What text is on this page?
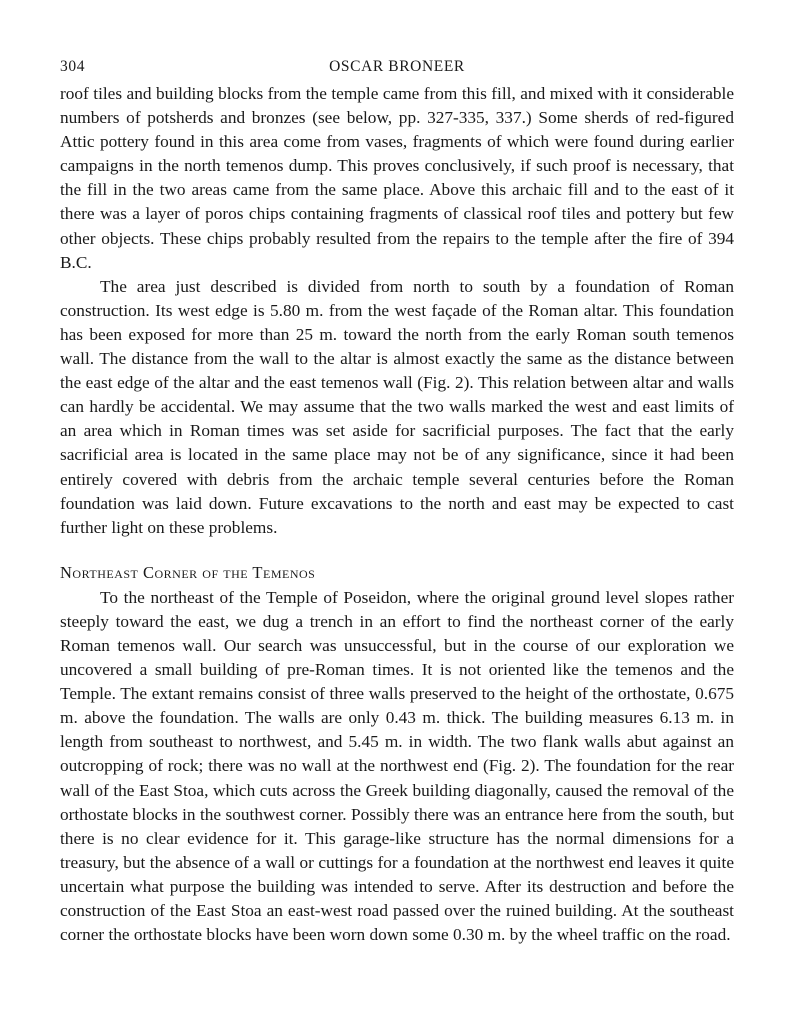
304	OSCAR BRONEER

roof tiles and building blocks from the temple came from this fill, and mixed with it considerable numbers of potsherds and bronzes (see below, pp. 327-335, 337.) Some sherds of red-figured Attic pottery found in this area come from vases, fragments of which were found during earlier campaigns in the north temenos dump. This proves conclusively, if such proof is necessary, that the fill in the two areas came from the same place. Above this archaic fill and to the east of it there was a layer of poros chips containing fragments of classical roof tiles and pottery but few other objects. These chips probably resulted from the repairs to the temple after the fire of 394 B.C.

The area just described is divided from north to south by a foundation of Roman construction. Its west edge is 5.80 m. from the west façade of the Roman altar. This foundation has been exposed for more than 25 m. toward the north from the early Roman south temenos wall. The distance from the wall to the altar is almost exactly the same as the distance between the east edge of the altar and the east temenos wall (Fig. 2). This relation between altar and walls can hardly be accidental. We may assume that the two walls marked the west and east limits of an area which in Roman times was set aside for sacrificial purposes. The fact that the early sacrificial area is located in the same place may not be of any significance, since it had been entirely covered with debris from the archaic temple several centuries before the Roman foundation was laid down. Future excavations to the north and east may be expected to cast further light on these problems.

Northeast Corner of the Temenos

To the northeast of the Temple of Poseidon, where the original ground level slopes rather steeply toward the east, we dug a trench in an effort to find the northeast corner of the early Roman temenos wall. Our search was unsuccessful, but in the course of our exploration we uncovered a small building of pre-Roman times. It is not oriented like the temenos and the Temple. The extant remains consist of three walls preserved to the height of the orthostate, 0.675 m. above the foundation. The walls are only 0.43 m. thick. The building measures 6.13 m. in length from southeast to northwest, and 5.45 m. in width. The two flank walls abut against an outcropping of rock; there was no wall at the northwest end (Fig. 2). The foundation for the rear wall of the East Stoa, which cuts across the Greek building diagonally, caused the removal of the orthostate blocks in the southwest corner. Possibly there was an entrance here from the south, but there is no clear evidence for it. This garage-like structure has the normal dimensions for a treasury, but the absence of a wall or cuttings for a foundation at the northwest end leaves it quite uncertain what purpose the building was intended to serve. After its destruction and before the construction of the East Stoa an east-west road passed over the ruined building. At the southeast corner the orthostate blocks have been worn down some 0.30 m. by the wheel traffic on the road.
